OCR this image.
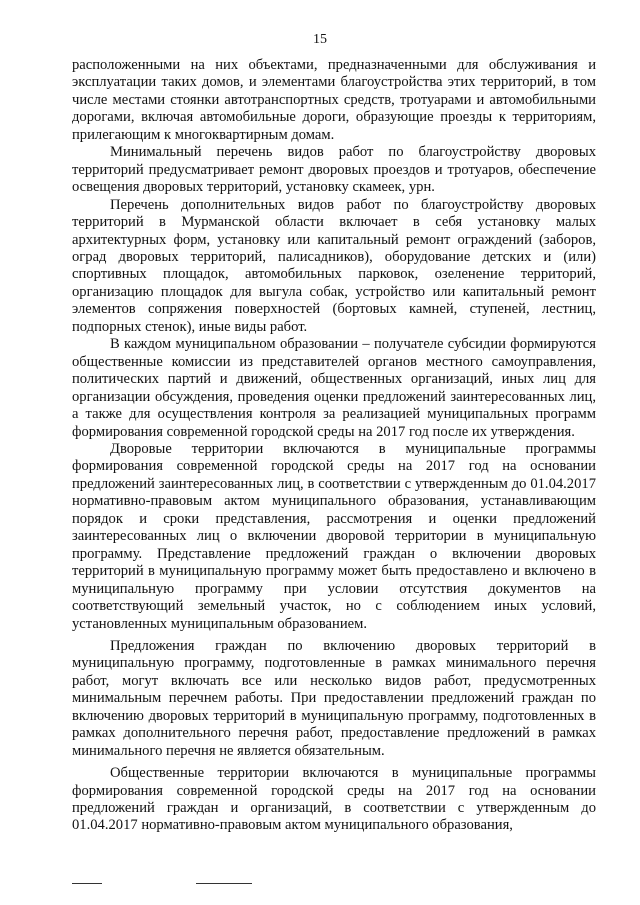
15

расположенными на них объектами, предназначенными для обслуживания и эксплуатации таких домов, и элементами благоустройства этих территорий, в том числе местами стоянки автотранспортных средств, тротуарами и автомобильными дорогами, включая автомобильные дороги, образующие проезды к территориям, прилегающим к многоквартирным домам.

Минимальный перечень видов работ по благоустройству дворовых территорий предусматривает ремонт дворовых проездов и тротуаров, обеспечение освещения дворовых территорий, установку скамеек, урн.

Перечень дополнительных видов работ по благоустройству дворовых территорий в Мурманской области включает в себя установку малых архитектурных форм, установку или капитальный ремонт ограждений (заборов, оград дворовых территорий, палисадников), оборудование детских и (или) спортивных площадок, автомобильных парковок, озеленение территорий, организацию площадок для выгула собак, устройство или капитальный ремонт элементов сопряжения поверхностей (бортовых камней, ступеней, лестниц, подпорных стенок), иные виды работ.

В каждом муниципальном образовании – получателе субсидии формируются общественные комиссии из представителей органов местного самоуправления, политических партий и движений, общественных организаций, иных лиц для организации обсуждения, проведения оценки предложений заинтересованных лиц, а также для осуществления контроля за реализацией муниципальных программ формирования современной городской среды на 2017 год после их утверждения.

Дворовые территории включаются в муниципальные программы формирования современной городской среды на 2017 год на основании предложений заинтересованных лиц, в соответствии с утвержденным до 01.04.2017 нормативно-правовым актом муниципального образования, устанавливающим порядок и сроки представления, рассмотрения и оценки предложений заинтересованных лиц о включении дворовой территории в муниципальную программу. Представление предложений граждан о включении дворовых территорий в муниципальную программу может быть предоставлено и включено в муниципальную программу при условии отсутствия документов на соответствующий земельный участок, но с соблюдением иных условий, установленных муниципальным образованием.

Предложения граждан по включению дворовых территорий в муниципальную программу, подготовленные в рамках минимального перечня работ, могут включать все или несколько видов работ, предусмотренных минимальным перечнем работы. При предоставлении предложений граждан по включению дворовых территорий в муниципальную программу, подготовленных в рамках дополнительного перечня работ, предоставление предложений в рамках минимального перечня не является обязательным.

Общественные территории включаются в муниципальные программы формирования современной городской среды на 2017 год на основании предложений граждан и организаций, в соответствии с утвержденным до 01.04.2017 нормативно-правовым актом муниципального образования,
